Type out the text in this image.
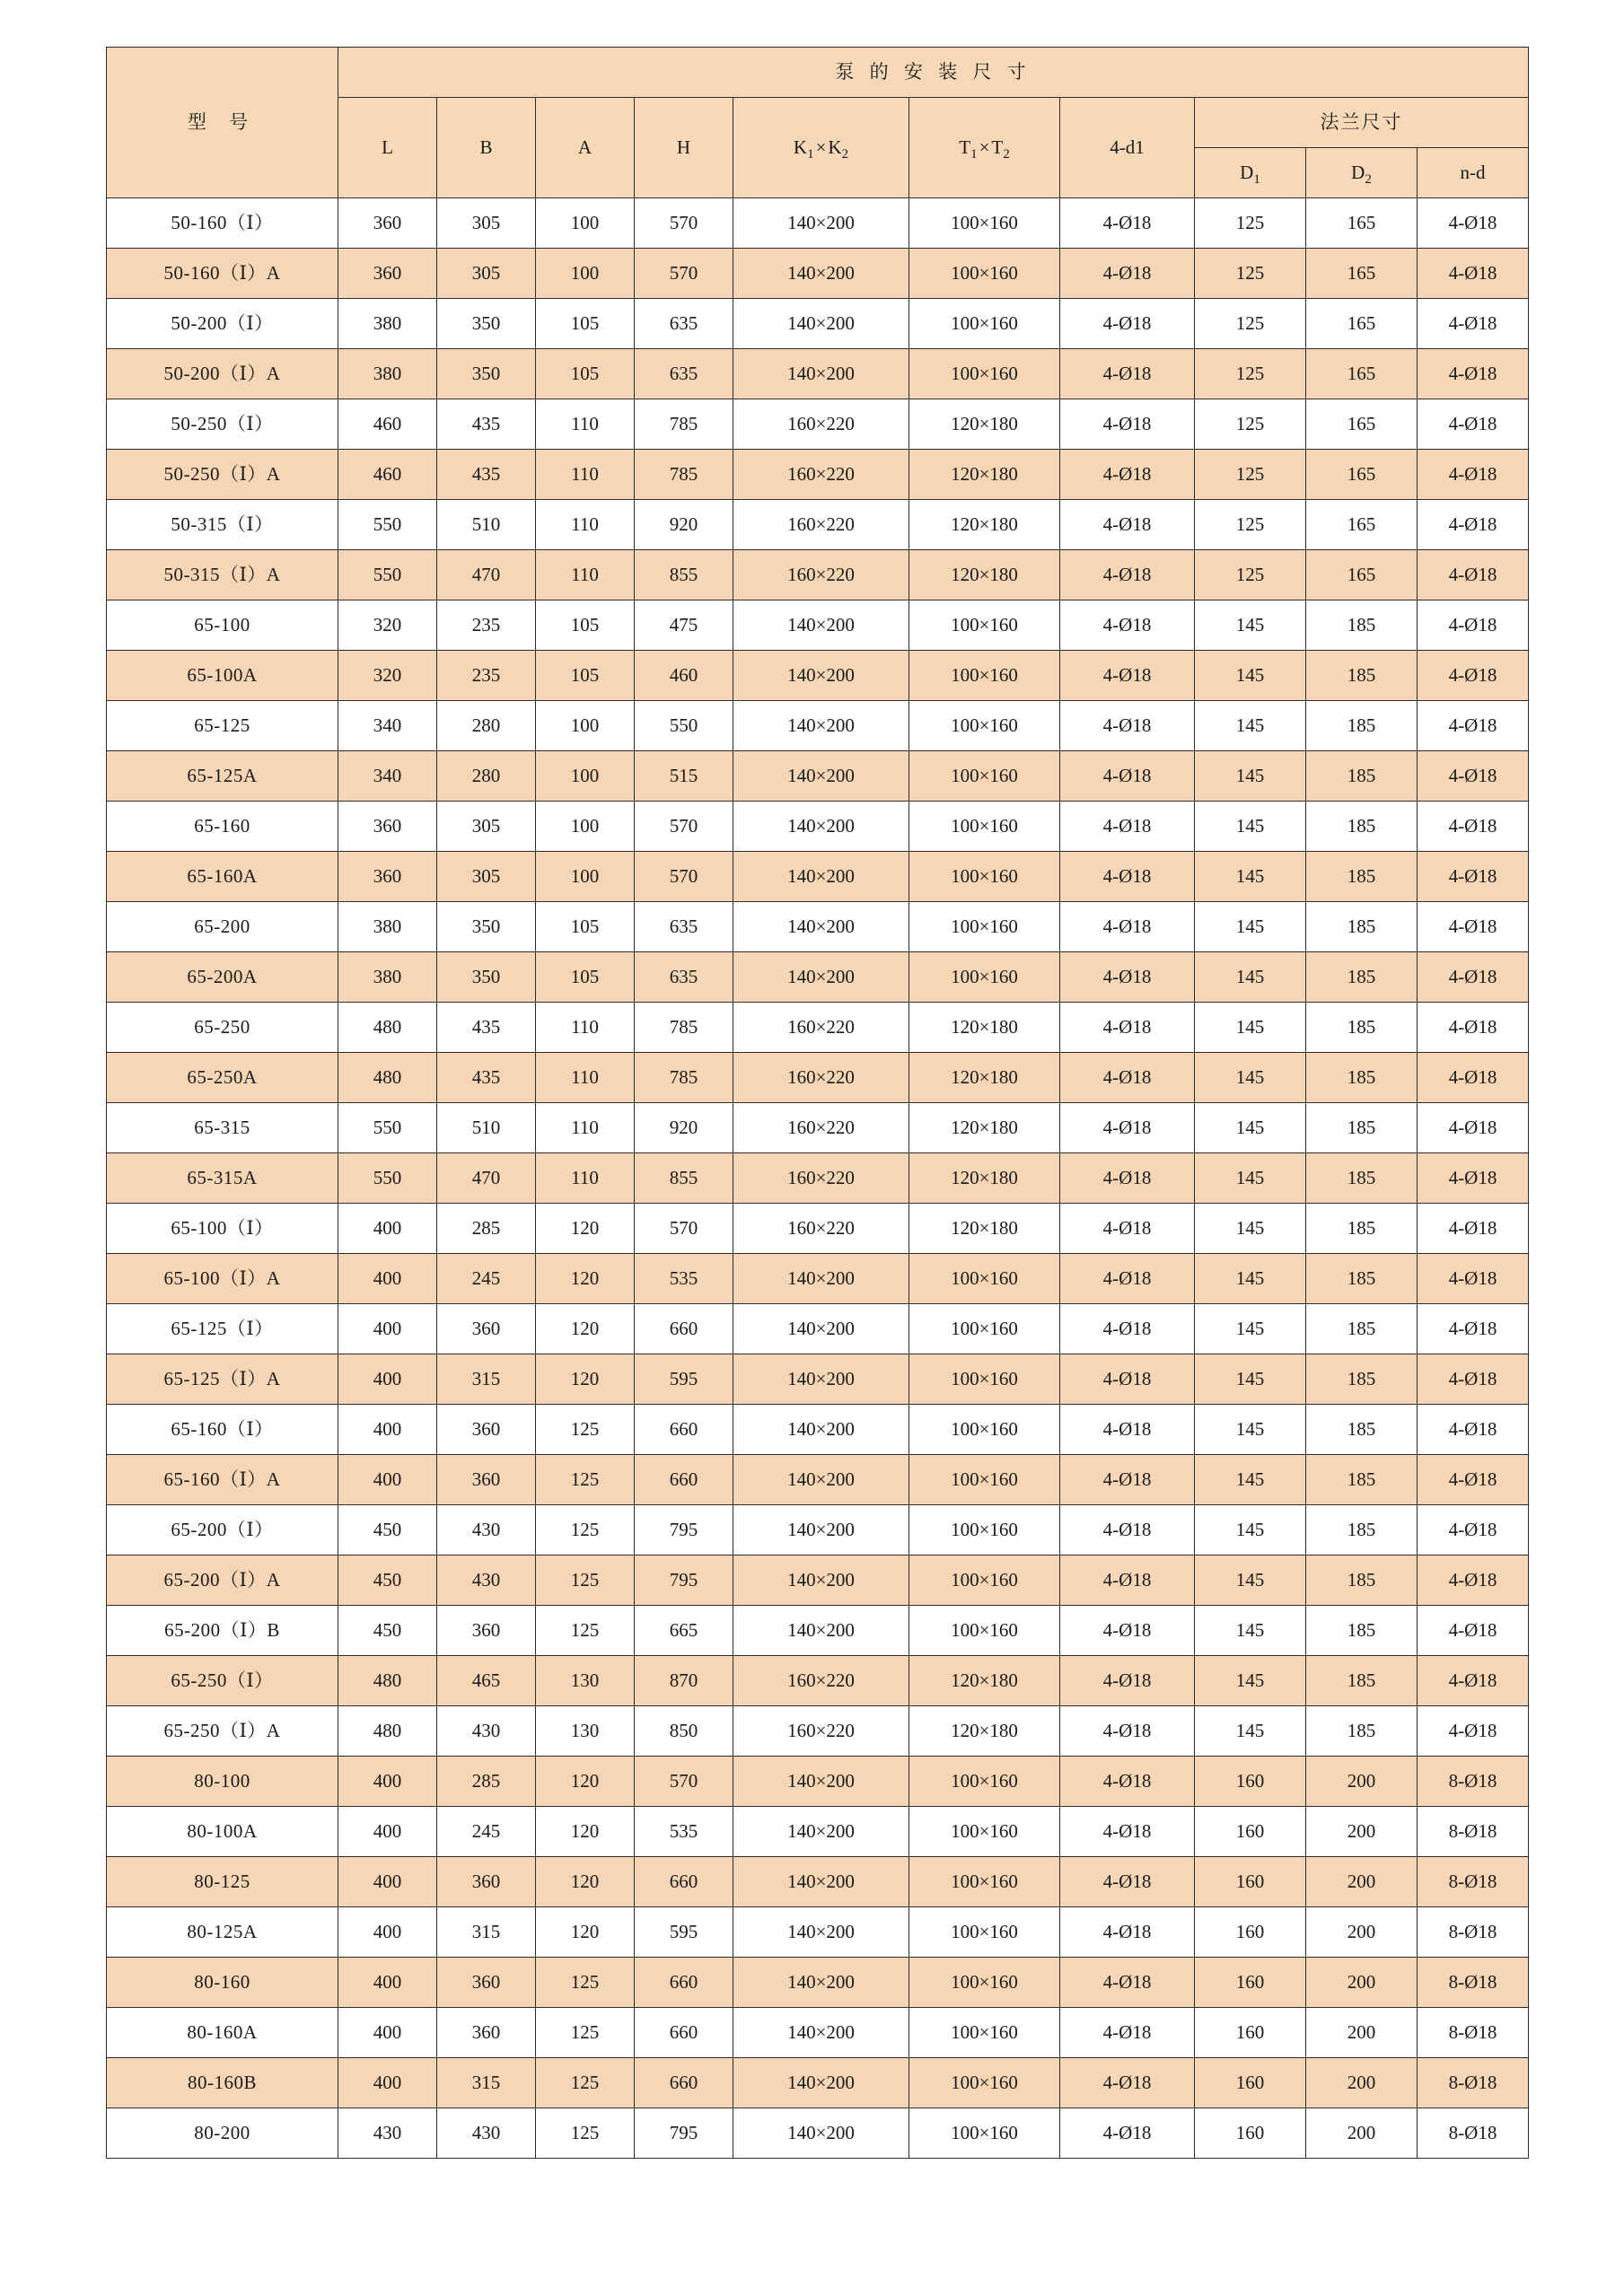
型 号	泵 的 安 装 尺 寸									
	L	B	A	H	$K_1\times K_2$	$T_1\times T_2$	4-d1	法兰尺寸		
								$D_1$	$D_2$	n-d
50-160（Ⅰ）	360	305	100	570	140×200	100×160	4-Ø18	125	165	4-Ø18
50-160（Ⅰ）A	360	305	100	570	140×200	100×160	4-Ø18	125	165	4-Ø18
50-200（Ⅰ）	380	350	105	635	140×200	100×160	4-Ø18	125	165	4-Ø18
50-200（Ⅰ）A	380	350	105	635	140×200	100×160	4-Ø18	125	165	4-Ø18
50-250（Ⅰ）	460	435	110	785	160×220	120×180	4-Ø18	125	165	4-Ø18
50-250（Ⅰ）A	460	435	110	785	160×220	120×180	4-Ø18	125	165	4-Ø18
50-315（Ⅰ）	550	510	110	920	160×220	120×180	4-Ø18	125	165	4-Ø18
50-315（Ⅰ）A	550	470	110	855	160×220	120×180	4-Ø18	125	165	4-Ø18
65-100	320	235	105	475	140×200	100×160	4-Ø18	145	185	4-Ø18
65-100A	320	235	105	460	140×200	100×160	4-Ø18	145	185	4-Ø18
65-125	340	280	100	550	140×200	100×160	4-Ø18	145	185	4-Ø18
65-125A	340	280	100	515	140×200	100×160	4-Ø18	145	185	4-Ø18
65-160	360	305	100	570	140×200	100×160	4-Ø18	145	185	4-Ø18
65-160A	360	305	100	570	140×200	100×160	4-Ø18	145	185	4-Ø18
65-200	380	350	105	635	140×200	100×160	4-Ø18	145	185	4-Ø18
65-200A	380	350	105	635	140×200	100×160	4-Ø18	145	185	4-Ø18
65-250	480	435	110	785	160×220	120×180	4-Ø18	145	185	4-Ø18
65-250A	480	435	110	785	160×220	120×180	4-Ø18	145	185	4-Ø18
65-315	550	510	110	920	160×220	120×180	4-Ø18	145	185	4-Ø18
65-315A	550	470	110	855	160×220	120×180	4-Ø18	145	185	4-Ø18
65-100（Ⅰ）	400	285	120	570	160×220	120×180	4-Ø18	145	185	4-Ø18
65-100（Ⅰ）A	400	245	120	535	140×200	100×160	4-Ø18	145	185	4-Ø18
65-125（Ⅰ）	400	360	120	660	140×200	100×160	4-Ø18	145	185	4-Ø18
65-125（Ⅰ）A	400	315	120	595	140×200	100×160	4-Ø18	145	185	4-Ø18
65-160（Ⅰ）	400	360	125	660	140×200	100×160	4-Ø18	145	185	4-Ø18
65-160（Ⅰ）A	400	360	125	660	140×200	100×160	4-Ø18	145	185	4-Ø18
65-200（Ⅰ）	450	430	125	795	140×200	100×160	4-Ø18	145	185	4-Ø18
65-200（Ⅰ）A	450	430	125	795	140×200	100×160	4-Ø18	145	185	4-Ø18
65-200（Ⅰ）B	450	360	125	665	140×200	100×160	4-Ø18	145	185	4-Ø18
65-250（Ⅰ）	480	465	130	870	160×220	120×180	4-Ø18	145	185	4-Ø18
65-250（Ⅰ）A	480	430	130	850	160×220	120×180	4-Ø18	145	185	4-Ø18
80-100	400	285	120	570	140×200	100×160	4-Ø18	160	200	8-Ø18
80-100A	400	245	120	535	140×200	100×160	4-Ø18	160	200	8-Ø18
80-125	400	360	120	660	140×200	100×160	4-Ø18	160	200	8-Ø18
80-125A	400	315	120	595	140×200	100×160	4-Ø18	160	200	8-Ø18
80-160	400	360	125	660	140×200	100×160	4-Ø18	160	200	8-Ø18
80-160A	400	360	125	660	140×200	100×160	4-Ø18	160	200	8-Ø18
80-160B	400	315	125	660	140×200	100×160	4-Ø18	160	200	8-Ø18
80-200	430	430	125	795	140×200	100×160	4-Ø18	160	200	8-Ø18
